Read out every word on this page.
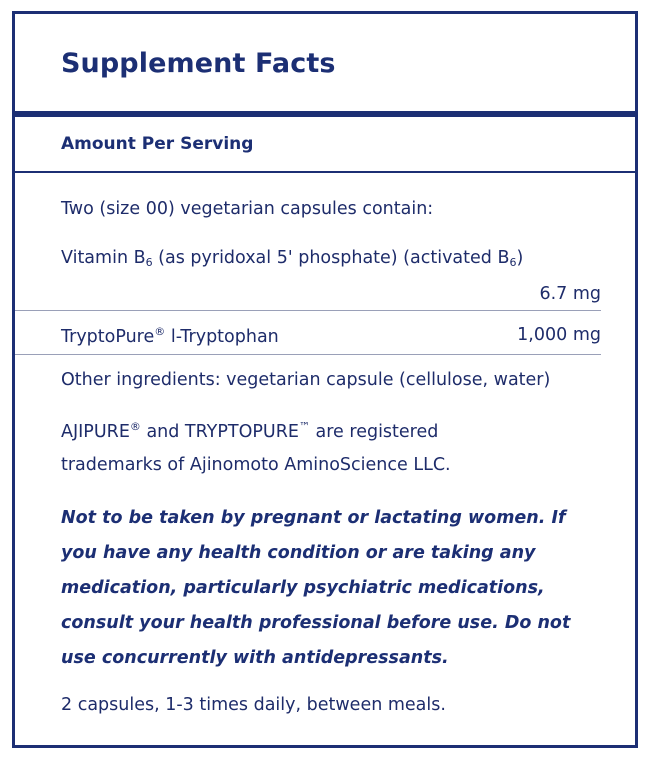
Supplement Facts
Amount Per Serving
Two (size 00) vegetarian capsules contain:
Vitamin $B_6$ (as pyridoxal 5' phosphate) (activated $B_6$)
6.7 mg
TryptoPure® l-Tryptophan	1,000 mg
Other ingredients: vegetarian capsule (cellulose, water)
AJIPURE® and TRYPTOPURE™ are registered
trademarks of Ajinomoto AminoScience LLC.
Not to be taken by pregnant or lactating women. If
you have any health condition or are taking any
medication, particularly psychiatric medications,
consult your health professional before use. Do not
use concurrently with antidepressants.
2 capsules, 1-3 times daily, between meals.
